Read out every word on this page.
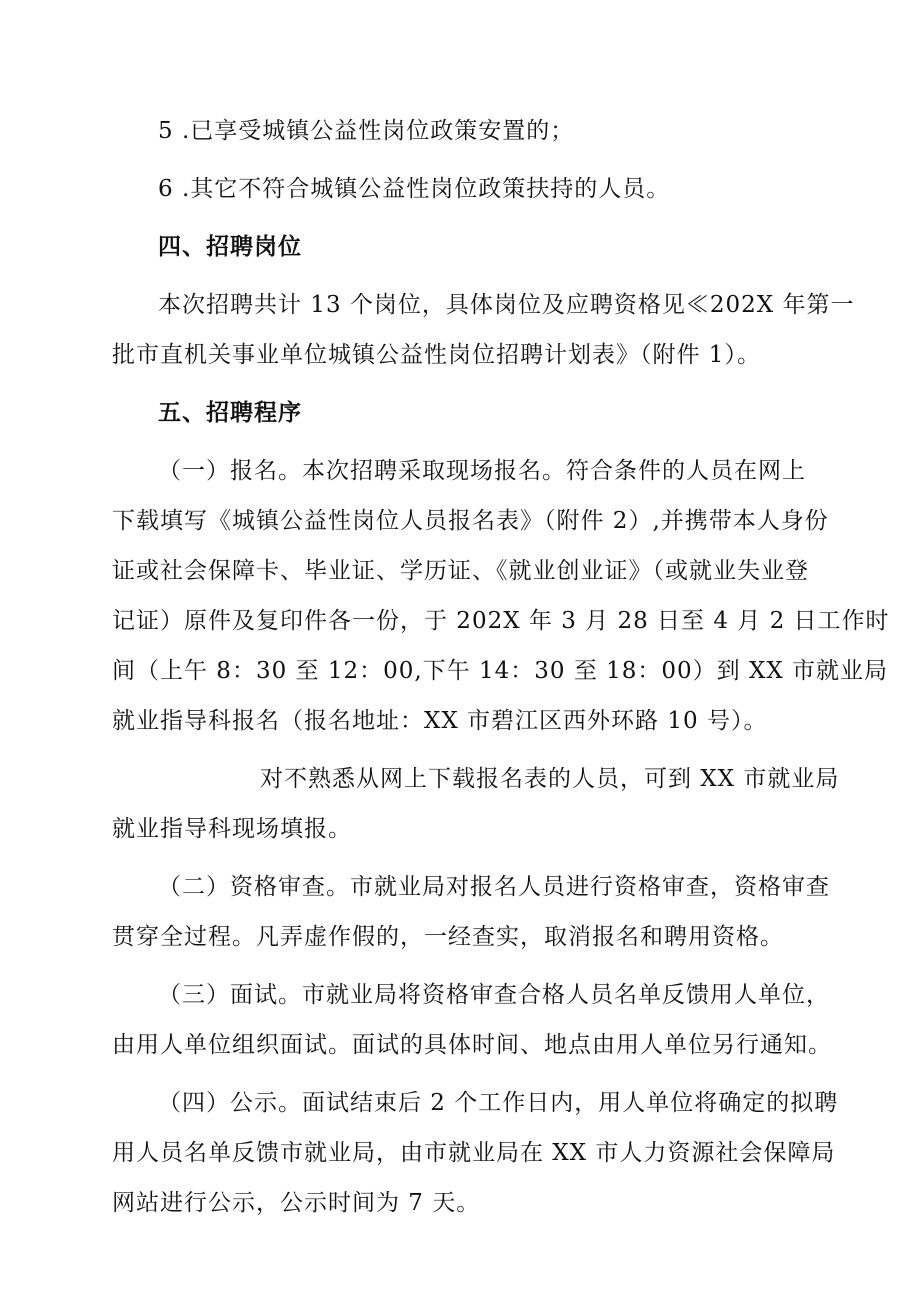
5 .已享受城镇公益性岗位政策安置的；
6 .其它不符合城镇公益性岗位政策扶持的人员。
四、招聘岗位
本次招聘共计 13 个岗位，具体岗位及应聘资格见≪202X 年第一
批市直机关事业单位城镇公益性岗位招聘计划表》（附件 1）。
五、招聘程序
（一）报名。本次招聘采取现场报名。符合条件的人员在网上
下载填写《城镇公益性岗位人员报名表》（附件 2）,并携带本人身份
证或社会保障卡、毕业证、学历证、《就业创业证》（或就业失业登
记证）原件及复印件各一份，于 202X 年 3 月 28 日至 4 月 2 日工作时
间（上午 8：30 至 12：00,下午 14：30 至 18：00）到 XX 市就业局
就业指导科报名（报名地址：XX 市碧江区西外环路 10 号）。
对不熟悉从网上下载报名表的人员，可到 XX 市就业局
就业指导科现场填报。
（二）资格审查。市就业局对报名人员进行资格审查，资格审查
贯穿全过程。凡弄虚作假的，一经查实，取消报名和聘用资格。
（三）面试。市就业局将资格审查合格人员名单反馈用人单位，
由用人单位组织面试。面试的具体时间、地点由用人单位另行通知。
（四）公示。面试结束后 2 个工作日内，用人单位将确定的拟聘
用人员名单反馈市就业局，由市就业局在 XX 市人力资源社会保障局
网站进行公示，公示时间为 7 天。
